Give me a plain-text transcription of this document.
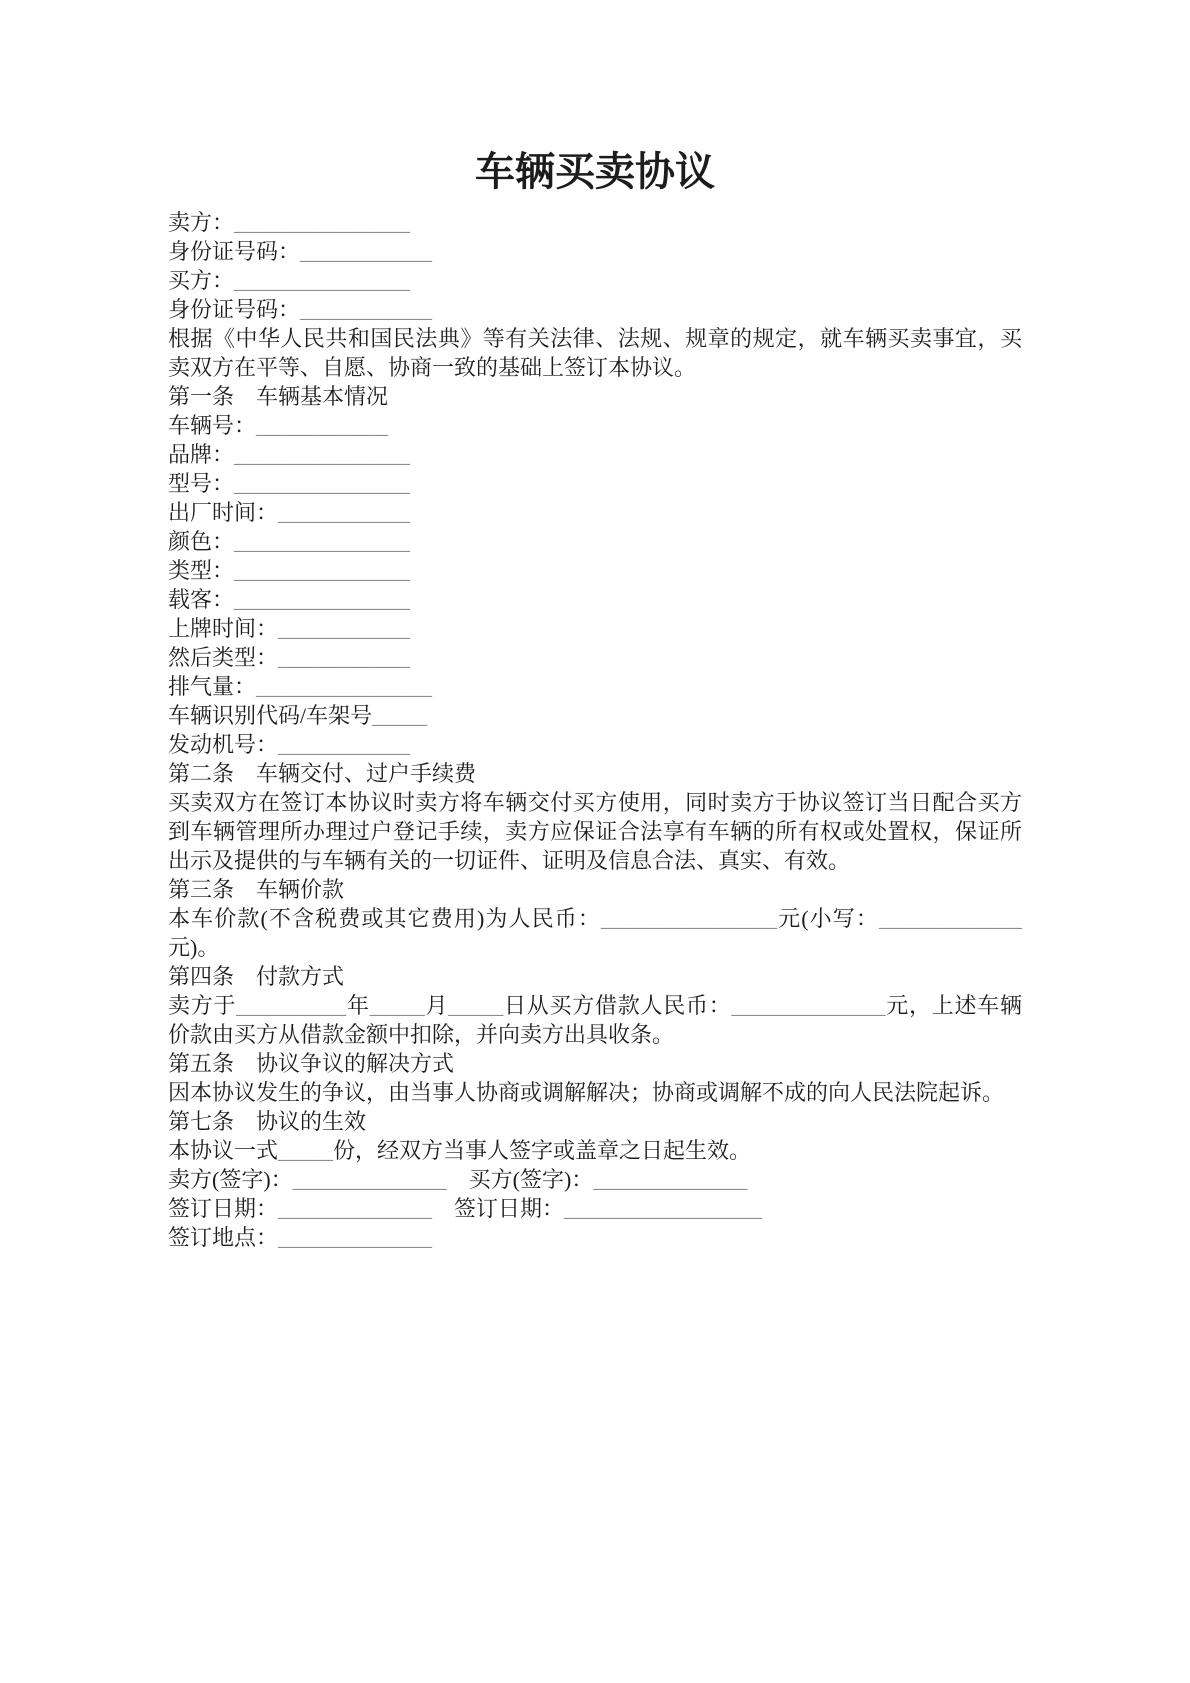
车辆买卖协议

卖方：________________

身份证号码：____________

买方：________________

身份证号码：____________

根据《中华人民共和国民法典》等有关法律、法规、规章的规定，就车辆买卖事宜，买卖双方在平等、自愿、协商一致的基础上签订本协议。

第一条　车辆基本情况

车辆号：____________

品牌：________________

型号：________________

出厂时间：____________

颜色：________________

类型：________________

载客：________________

上牌时间：____________

然后类型：____________

排气量：________________

车辆识别代码/车架号_____

发动机号：____________

第二条　车辆交付、过户手续费

买卖双方在签订本协议时卖方将车辆交付买方使用，同时卖方于协议签订当日配合买方到车辆管理所办理过户登记手续，卖方应保证合法享有车辆的所有权或处置权，保证所出示及提供的与车辆有关的一切证件、证明及信息合法、真实、有效。

第三条　车辆价款

本车价款(不含税费或其它费用)为人民币：________________元(小写：_____________元)。

第四条　付款方式

卖方于__________年_____月_____日从买方借款人民币：______________元，上述车辆价款由买方从借款金额中扣除，并向卖方出具收条。

第五条　协议争议的解决方式

因本协议发生的争议，由当事人协商或调解解决；协商或调解不成的向人民法院起诉。

第七条　协议的生效

本协议一式_____份，经双方当事人签字或盖章之日起生效。

卖方(签字)：______________　买方(签字)：______________

签订日期：______________　签订日期：__________________

签订地点：______________
